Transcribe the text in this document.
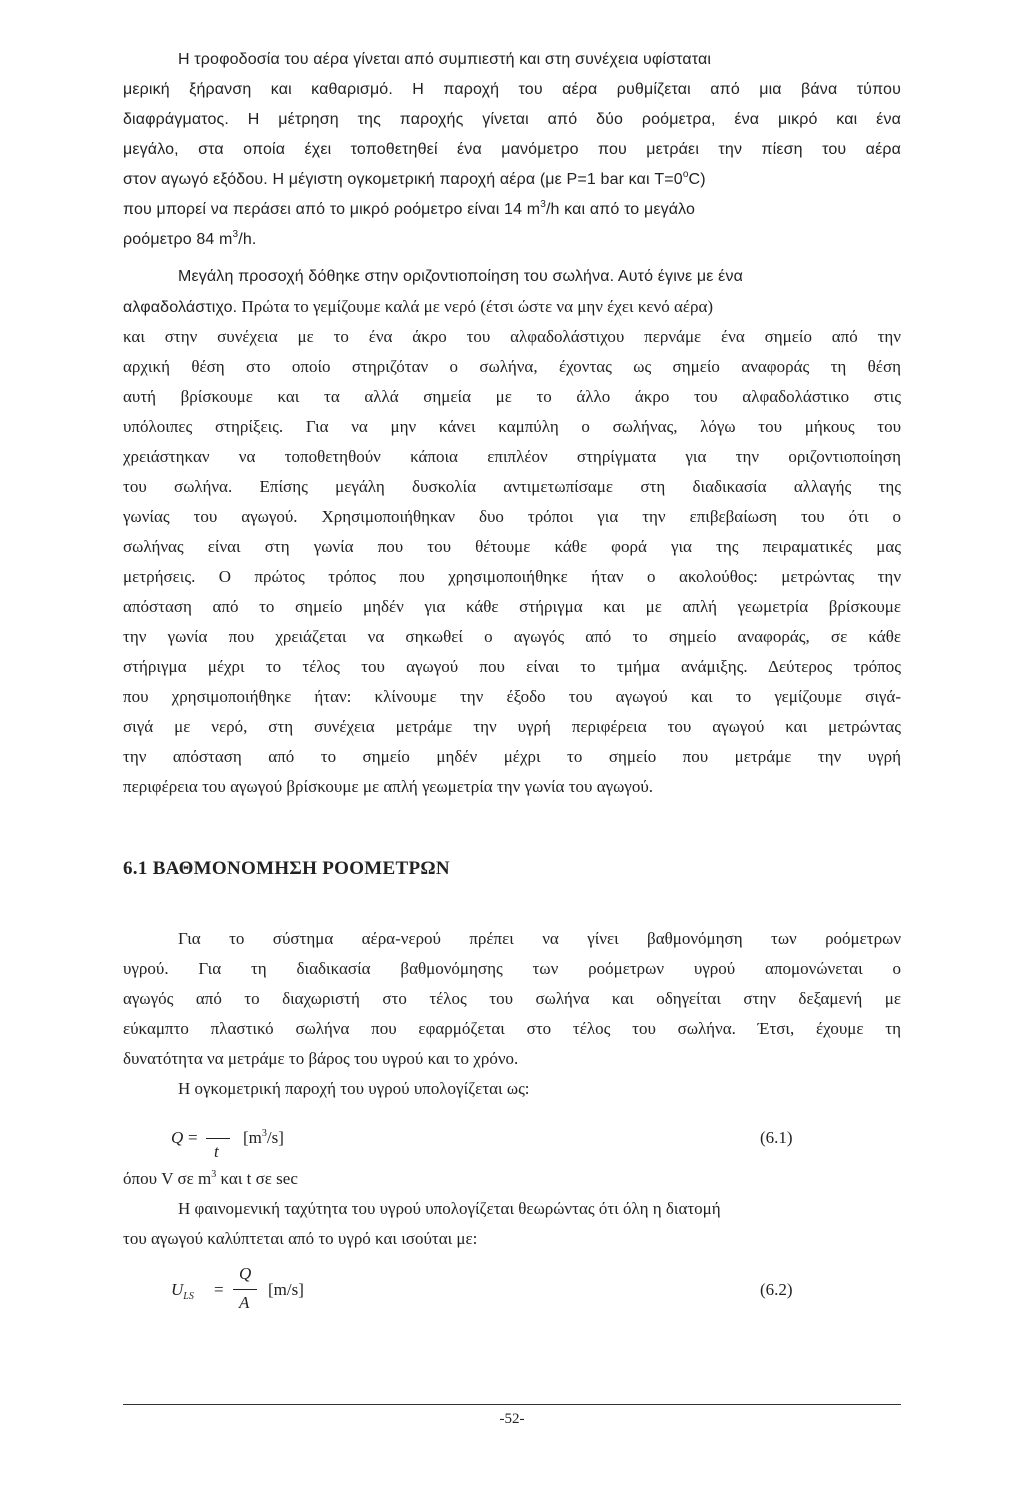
Η τροφοδοσία του αέρα γίνεται από συμπιεστή και στη συνέχεια υφίσταται
μερική ξήρανση και καθαρισμό. Η παροχή του αέρα ρυθμίζεται από μια βάνα τύπου
διαφράγματος. Η μέτρηση της παροχής γίνεται από δύο ροόμετρα, ένα μικρό και ένα
μεγάλο, στα οποία έχει τοποθετηθεί ένα μανόμετρο που μετράει την πίεση του αέρα
στον αγωγό εξόδου. Η μέγιστη ογκομετρική παροχή αέρα (με P=1 bar και $T=0^oC$)
που μπορεί να περάσει από το μικρό ροόμετρο είναι 14 $m^3/h$ και από το μεγάλο
ροόμετρο 84 $m^3/h$.
Μεγάλη προσοχή δόθηκε στην οριζοντιοποίηση του σωλήνα. Αυτό έγινε με ένα
αλφαδολάστιχο. Πρώτα το γεμίζουμε καλά με νερό (έτσι ώστε να μην έχει κενό αέρα)
και στην συνέχεια με το ένα άκρο του αλφαδολάστιχου περνάμε ένα σημείο από την
αρχική θέση στο οποίο στηριζόταν ο σωλήνα, έχοντας ως σημείο αναφοράς τη θέση
αυτή βρίσκουμε και τα αλλά σημεία με το άλλο άκρο του αλφαδολάστικο στις
υπόλοιπες στηρίξεις. Για να μην κάνει καμπύλη ο σωλήνας, λόγω του μήκους του
χρειάστηκαν να τοποθετηθούν κάποια επιπλέον στηρίγματα για την οριζοντιοποίηση
του σωλήνα. Επίσης μεγάλη δυσκολία αντιμετωπίσαμε στη διαδικασία αλλαγής της
γωνίας του αγωγού. Χρησιμοποιήθηκαν δυο τρόποι για την επιβεβαίωση του ότι ο
σωλήνας είναι στη γωνία που του θέτουμε κάθε φορά για της πειραματικές μας
μετρήσεις. Ο πρώτος τρόπος που χρησιμοποιήθηκε ήταν ο ακολούθος: μετρώντας την
απόσταση από το σημείο μηδέν για κάθε στήριγμα και με απλή γεωμετρία βρίσκουμε
την γωνία που χρειάζεται να σηκωθεί ο αγωγός από το σημείο αναφοράς, σε κάθε
στήριγμα μέχρι το τέλος του αγωγού που είναι το τμήμα ανάμιξης. Δεύτερος τρόπος
που χρησιμοποιήθηκε ήταν: κλίνουμε την έξοδο του αγωγού και το γεμίζουμε σιγά-
σιγά με νερό, στη συνέχεια μετράμε την υγρή περιφέρεια του αγωγού και μετρώντας
την απόσταση από το σημείο μηδέν μέχρι το σημείο που μετράμε την υγρή
περιφέρεια του αγωγού βρίσκουμε με απλή γεωμετρία την γωνία του αγωγού.
6.1 ΒΑΘΜΟΝΟΜΗΣΗ ΡΟΟΜΕΤΡΩΝ
Για το σύστημα αέρα-νερού πρέπει να γίνει βαθμονόμηση των ροόμετρων
υγρού. Για τη διαδικασία βαθμονόμησης των ροόμετρων υγρού απομονώνεται ο
αγωγός από το διαχωριστή στο τέλος του σωλήνα και οδηγείται στην δεξαμενή με
εύκαμπτο πλαστικό σωλήνα που εφαρμόζεται στο τέλος του σωλήνα. Έτσι, έχουμε τη
δυνατότητα να μετράμε το βάρος του υγρού και το χρόνο.
Η ογκομετρική παροχή του υγρού υπολογίζεται ως:
Q =
t
$[m^3/s]$	(6.1)
όπου V σε $m^3$ και t σε sec
Η φαινομενική ταχύτητα του υγρού υπολογίζεται θεωρώντας ότι όλη η διατομή
του αγωγού καλύπτεται από το υγρό και ισούται με:
$U_{LS}$ =
Q
A
[m/s]	(6.2)
-52-
